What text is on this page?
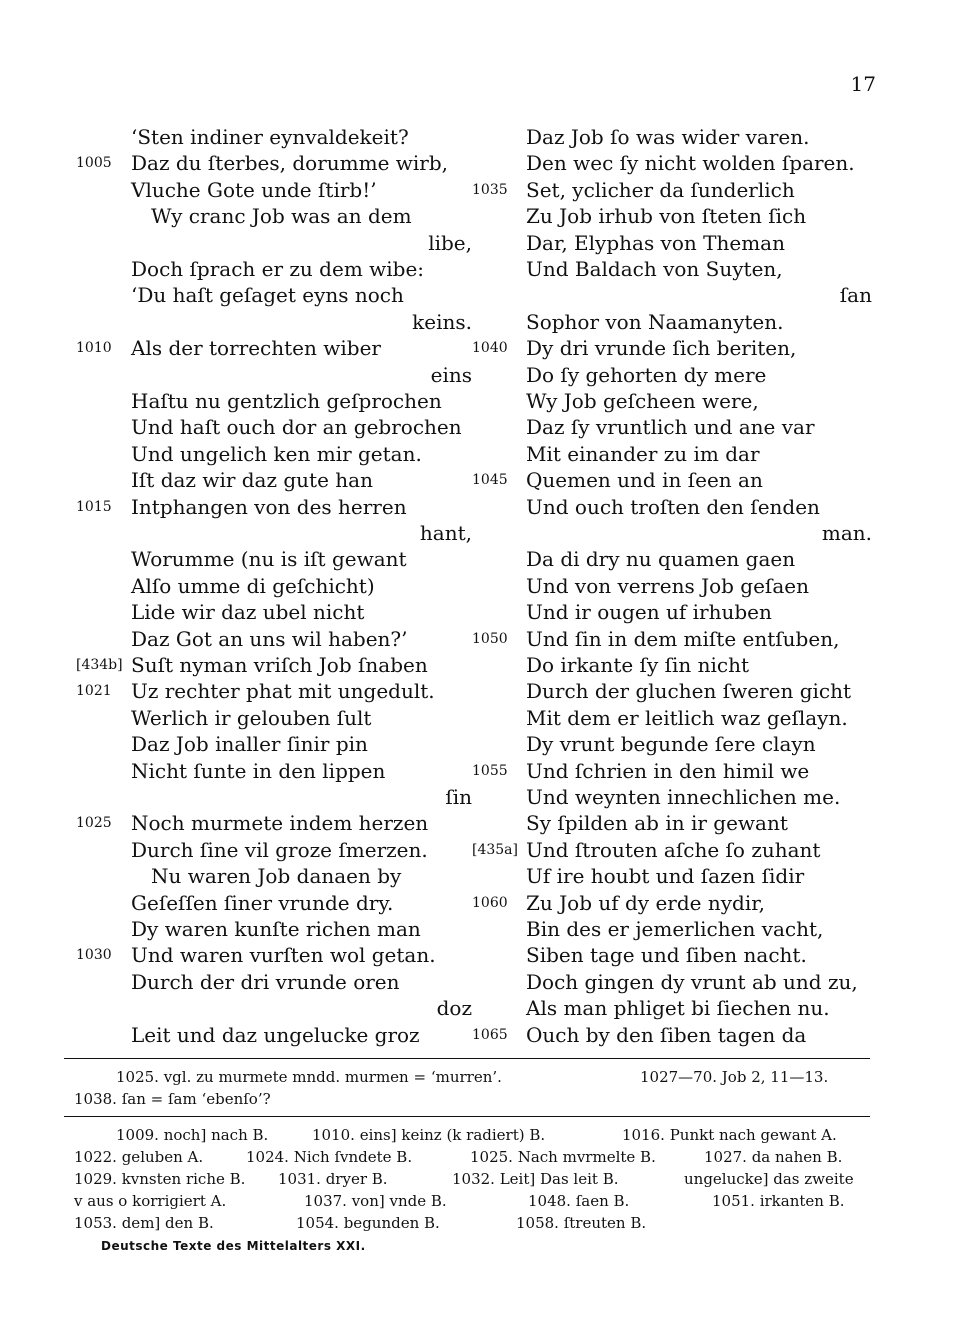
17
‘Sten indiner eynvaldekeit?
1005 Daz du ſterbes, dorumme wirb,
Vluche Gote unde ſtirb!’
Wy cranc Job was an dem
libe,
Doch ſprach er zu dem wibe:
‘Du haſt geſaget eyns noch
keins.
1010 Als der torrechten wiber
eins
Haſtu nu gentzlich geſprochen
Und haſt ouch dor an gebrochen
Und ungelich ken mir getan.
Iſt daz wir daz gute han
1015 Intphangen von des herren
hant,
Worumme (nu is iſt gewant
Alſo umme di geſchicht)
Lide wir daz ubel nicht
Daz Got an uns wil haben?’
[434b] Suſt nyman vriſch Job ſnaben
1021 Uz rechter phat mit ungedult.
Werlich ir gelouben ſult
Daz Job inaller ſinir pin
Nicht ſunte in den lippen
ſin
1025 Noch murmete indem herzen
Durch ſine vil groze ſmerzen.
Nu waren Job danaen by
Geſeſſen ſiner vrunde dry.
Dy waren kunſte richen man
1030 Und waren vurſten wol getan.
Durch der dri vrunde oren
doz
Leit und daz ungelucke groz
Daz Job ſo was wider varen.
Den wec ſy nicht wolden ſparen.
1035 Set, yclicher da ſunderlich
Zu Job irhub von ſteten ſich
Dar, Elyphas von Theman
Und Baldach von Suyten,
ſan
Sophor von Naamanyten.
1040 Dy dri vrunde ſich beriten,
Do ſy gehorten dy mere
Wy Job geſcheen were,
Daz ſy vruntlich und ane var
Mit einander zu im dar
1045 Quemen und in ſeen an
Und ouch troſten den ſenden
man.
Da di dry nu quamen gaen
Und von verrens Job geſaen
Und ir ougen uf irhuben
1050 Und ſin in dem miſte entſuben,
Do irkante ſy ſin nicht
Durch der gluchen ſweren gicht
Mit dem er leitlich waz geſlayn.
Dy vrunt begunde ſere clayn
1055 Und ſchrien in den himil we
Und weynten innechlichen me.
Sy ſpilden ab in ir gewant
[435a] Und ſtrouten aſche ſo zuhant
Uf ire houbt und ſazen ſidir
1060 Zu Job uf dy erde nydir,
Bin des er jemerlichen vacht,
Siben tage und ſiben nacht.
Doch gingen dy vrunt ab und zu,
Als man phliget bi ſiechen nu.
1065 Ouch by den ſiben tagen da
1025. vgl. zu murmete mndd. murmen = ‘murren’.	1027—70. Job 2, 11—13.
1038. ſan = ſam ‘ebenſo’?
1009. noch] nach B.	1010. eins] keinz (k radiert) B.	1016. Punkt nach gewant A.
1022. geluben A.	1024. Nich ſvndete B.	1025. Nach mvrmelte B.	1027. da nahen B.
1029. kvnsten riche B. 1031. dryer B.	1032. Leit] Das leit B.	ungelucke] das zweite
v aus o korrigiert A.	1037. von] vnde B.	1048. ſaen B.	1051. irkanten B.
1053. dem] den B.	1054. begunden B.	1058. ſtreuten B.
Deutsche Texte des Mittelalters XXI.
